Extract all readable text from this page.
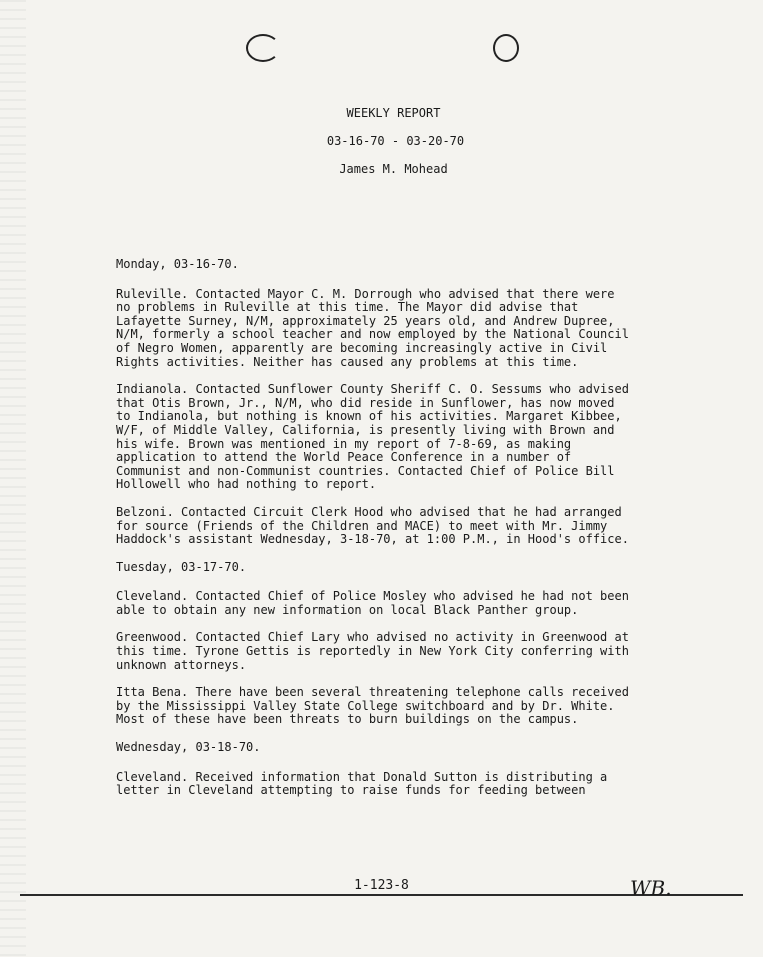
WEEKLY REPORT
03-16-70 - 03-20-70
James M. Mohead

Monday, 03-16-70.

Ruleville. Contacted Mayor C. M. Dorrough who advised that there were no problems in Ruleville at this time. The Mayor did advise that Lafayette Surney, N/M, approximately 25 years old, and Andrew Dupree, N/M, formerly a school teacher and now employed by the National Council of Negro Women, apparently are becoming increasingly active in Civil Rights activities. Neither has caused any problems at this time.

Indianola. Contacted Sunflower County Sheriff C. O. Sessums who advised that Otis Brown, Jr., N/M, who did reside in Sunflower, has now moved to Indianola, but nothing is known of his activities. Margaret Kibbee, W/F, of Middle Valley, California, is presently living with Brown and his wife. Brown was mentioned in my report of 7-8-69, as making application to attend the World Peace Conference in a number of Communist and non-Communist countries. Contacted Chief of Police Bill Hollowell who had nothing to report.

Belzoni. Contacted Circuit Clerk Hood who advised that he had arranged for source (Friends of the Children and MACE) to meet with Mr. Jimmy Haddock's assistant Wednesday, 3-18-70, at 1:00 P.M., in Hood's office.

Tuesday, 03-17-70.

Cleveland. Contacted Chief of Police Mosley who advised he had not been able to obtain any new information on local Black Panther group.

Greenwood. Contacted Chief Lary who advised no activity in Greenwood at this time. Tyrone Gettis is reportedly in New York City conferring with unknown attorneys.

Itta Bena. There have been several threatening telephone calls received by the Mississippi Valley State College switchboard and by Dr. White. Most of these have been threats to burn buildings on the campus.

Wednesday, 03-18-70.

Cleveland. Received information that Donald Sutton is distributing a letter in Cleveland attempting to raise funds for feeding between

1-123-8	WB.
